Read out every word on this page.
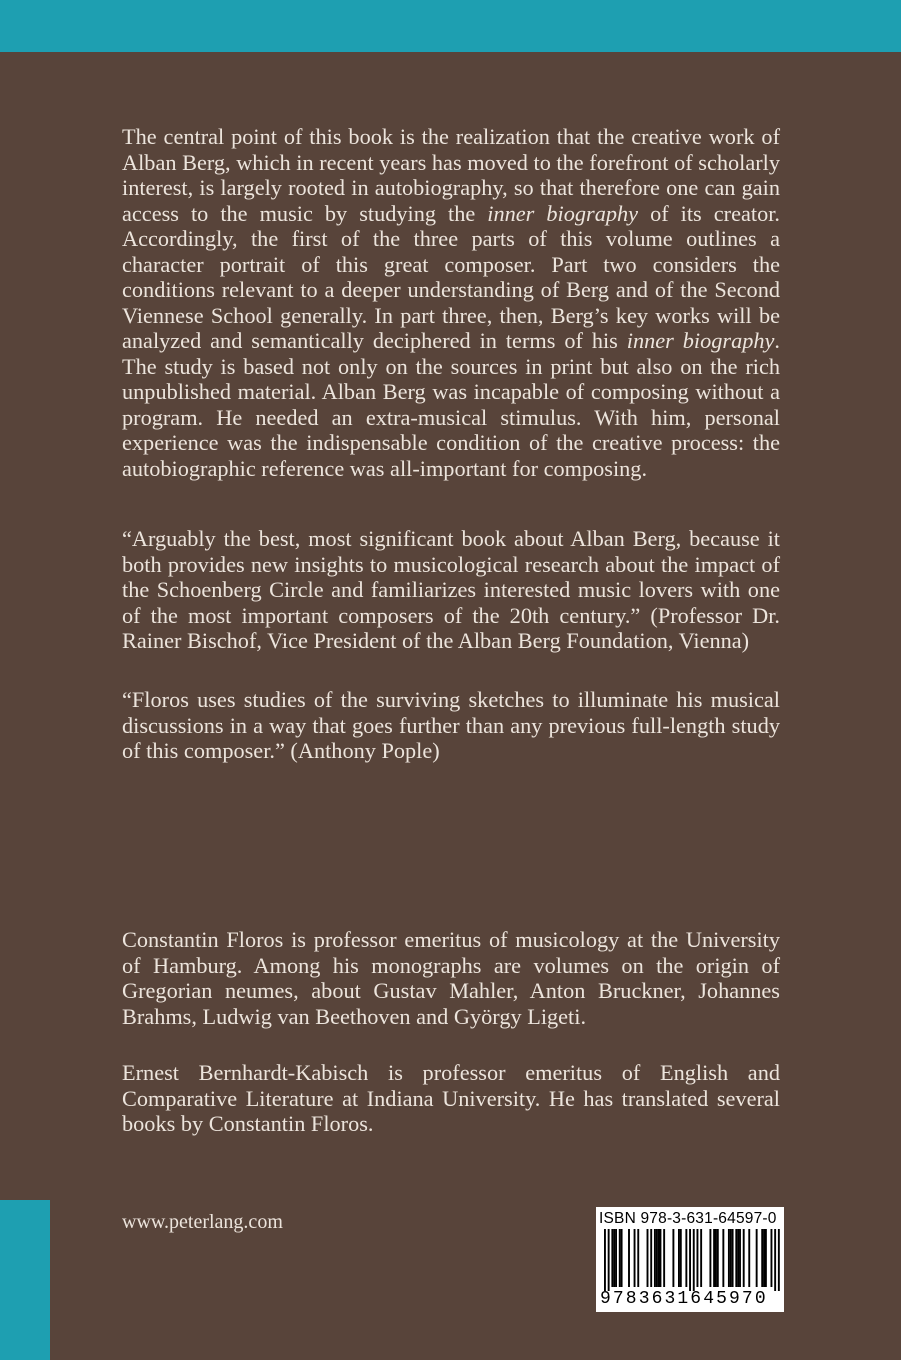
The central point of this book is the realization that the creative work of Alban Berg, which in recent years has moved to the forefront of scholarly interest, is largely rooted in autobiography, so that therefore one can gain access to the music by studying the inner biography of its creator. Accordingly, the first of the three parts of this volume outlines a character portrait of this great composer. Part two considers the conditions relevant to a deeper understanding of Berg and of the Second Viennese School generally. In part three, then, Berg’s key works will be analyzed and semantically deciphered in terms of his inner biography. The study is based not only on the sources in print but also on the rich unpublished material. Alban Berg was incapable of composing without a program. He needed an extra-musical stimulus. With him, personal experience was the indispensable condition of the creative process: the autobiographic reference was all-important for composing.

“Arguably the best, most significant book about Alban Berg, because it both provides new insights to musicological research about the impact of the Schoenberg Circle and familiarizes interested music lovers with one of the most important composers of the 20th century.” (Professor Dr. Rainer Bischof, Vice President of the Alban Berg Foundation, Vienna)

“Floros uses studies of the surviving sketches to illuminate his musical discussions in a way that goes further than any previous full-length study of this composer.” (Anthony Pople)

Constantin Floros is professor emeritus of musicology at the University of Hamburg. Among his monographs are volumes on the origin of Gregorian neumes, about Gustav Mahler, Anton Bruckner, Johannes Brahms, Ludwig van Beethoven and György Ligeti.

Ernest Bernhardt-Kabisch is professor emeritus of English and Comparative Literature at Indiana University. He has translated several books by Constantin Floros.

www.peterlang.com	ISBN 978-3-631-64597-0
9783631645970
